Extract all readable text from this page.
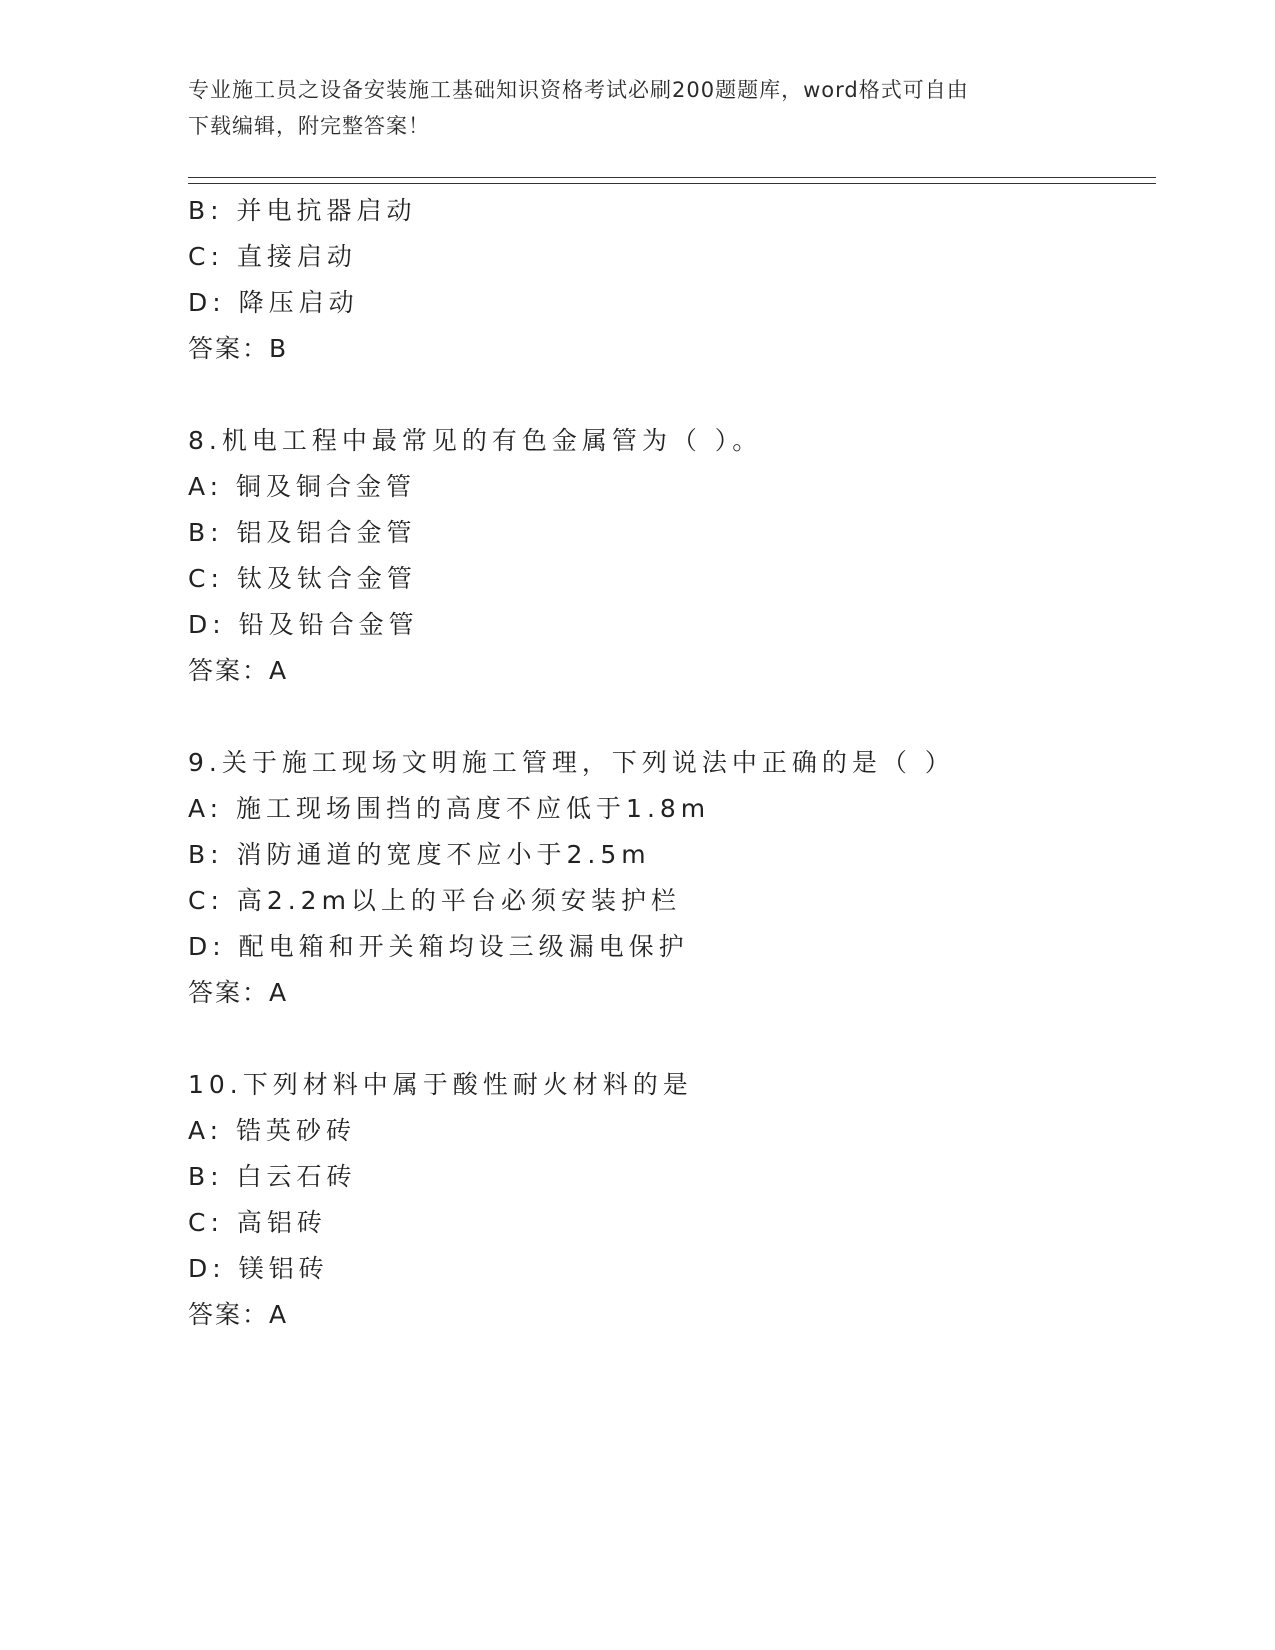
专业施工员之设备安装施工基础知识资格考试必刷200题题库，word格式可自由
下载编辑，附完整答案！
B: 并电抗器启动
C: 直接启动
D: 降压启动
答案：B
8.机电工程中最常见的有色金属管为（ ）。
A: 铜及铜合金管
B: 铝及铝合金管
C: 钛及钛合金管
D: 铅及铅合金管
答案：A
9.关于施工现场文明施工管理，下列说法中正确的是（ ）
A: 施工现场围挡的高度不应低于1.8m
B: 消防通道的宽度不应小于2.5m
C: 高2.2m以上的平台必须安装护栏
D: 配电箱和开关箱均设三级漏电保护
答案：A
10.下列材料中属于酸性耐火材料的是
A: 锆英砂砖
B: 白云石砖
C: 高铝砖
D: 镁铝砖
答案：A
